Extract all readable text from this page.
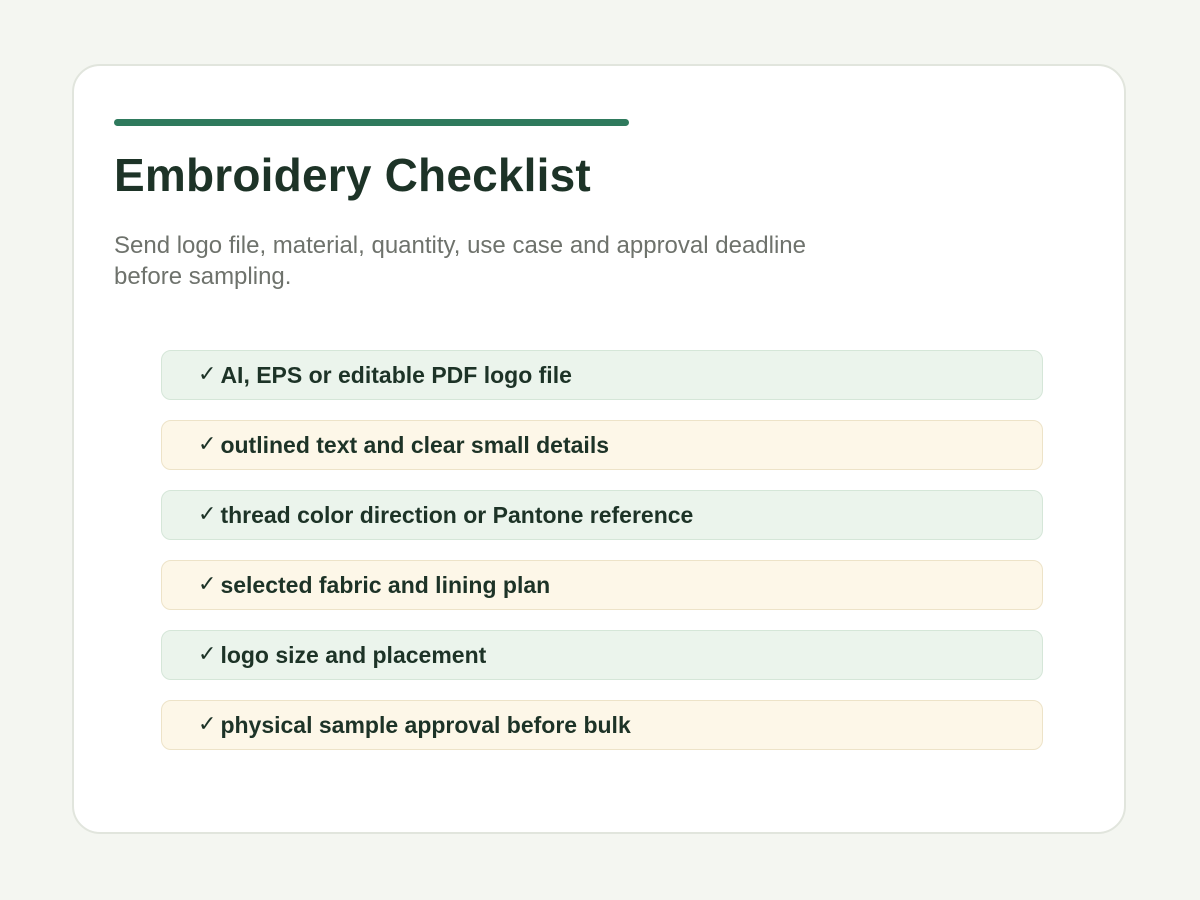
Embroidery Checklist

Send logo file, material, quantity, use case and approval deadline before sampling.

✓ AI, EPS or editable PDF logo file
✓ outlined text and clear small details
✓ thread color direction or Pantone reference
✓ selected fabric and lining plan
✓ logo size and placement
✓ physical sample approval before bulk
